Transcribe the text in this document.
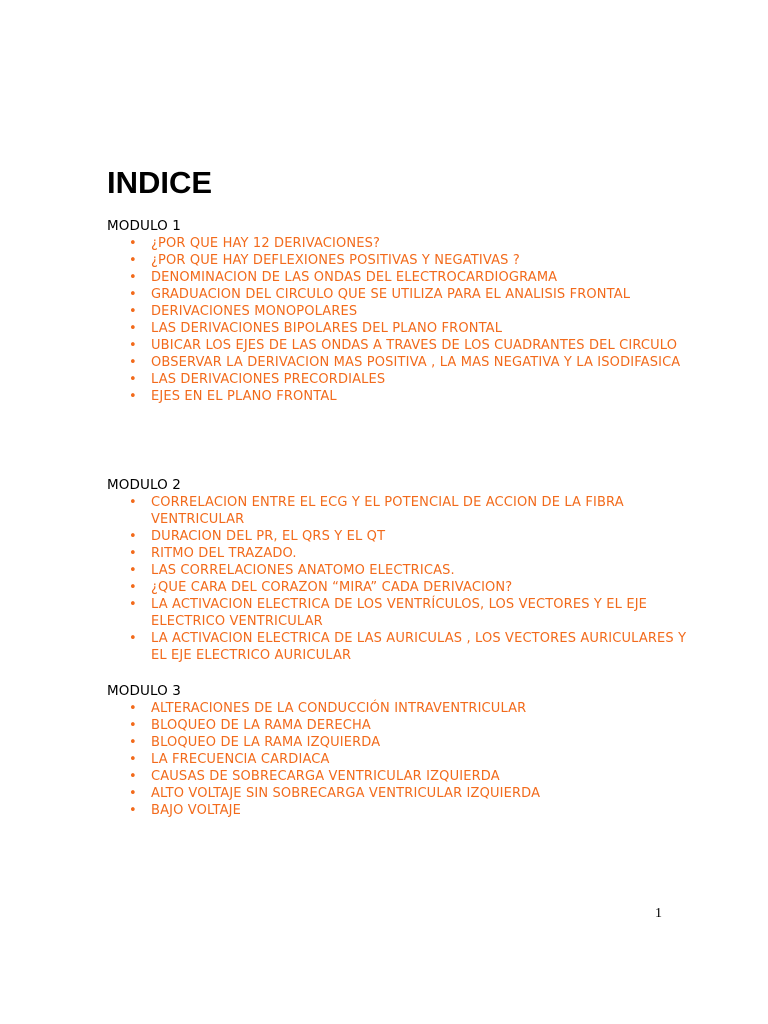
INDICE

MODULO 1

• ¿POR QUE HAY 12 DERIVACIONES?
• ¿POR QUE HAY DEFLEXIONES POSITIVAS Y NEGATIVAS ?
• DENOMINACION DE LAS ONDAS DEL ELECTROCARDIOGRAMA
• GRADUACION DEL CIRCULO QUE SE UTILIZA PARA EL ANALISIS FRONTAL
• DERIVACIONES MONOPOLARES
• LAS DERIVACIONES BIPOLARES DEL PLANO FRONTAL
• UBICAR LOS EJES DE LAS ONDAS A TRAVES DE LOS CUADRANTES DEL CIRCULO
• OBSERVAR LA DERIVACION MAS POSITIVA , LA MAS NEGATIVA Y LA ISODIFASICA
• LAS DERIVACIONES PRECORDIALES
• EJES EN EL PLANO FRONTAL

MODULO 2

• CORRELACION ENTRE EL ECG Y EL POTENCIAL DE ACCION DE LA FIBRA VENTRICULAR
• DURACION DEL PR, EL QRS Y EL QT
• RITMO DEL TRAZADO.
• LAS CORRELACIONES ANATOMO ELECTRICAS.
• ¿QUE CARA DEL CORAZON “MIRA” CADA DERIVACION?
• LA ACTIVACION ELECTRICA DE LOS VENTRÍCULOS, LOS VECTORES Y EL EJE ELECTRICO VENTRICULAR
• LA ACTIVACION ELECTRICA DE LAS AURICULAS , LOS VECTORES AURICULARES Y EL EJE ELECTRICO AURICULAR

MODULO 3

• ALTERACIONES DE LA CONDUCCIÓN INTRAVENTRICULAR
• BLOQUEO DE LA RAMA DERECHA
• BLOQUEO DE LA RAMA IZQUIERDA
• LA FRECUENCIA CARDIACA
• CAUSAS DE SOBRECARGA VENTRICULAR IZQUIERDA
• ALTO VOLTAJE SIN SOBRECARGA VENTRICULAR IZQUIERDA
• BAJO VOLTAJE
1
